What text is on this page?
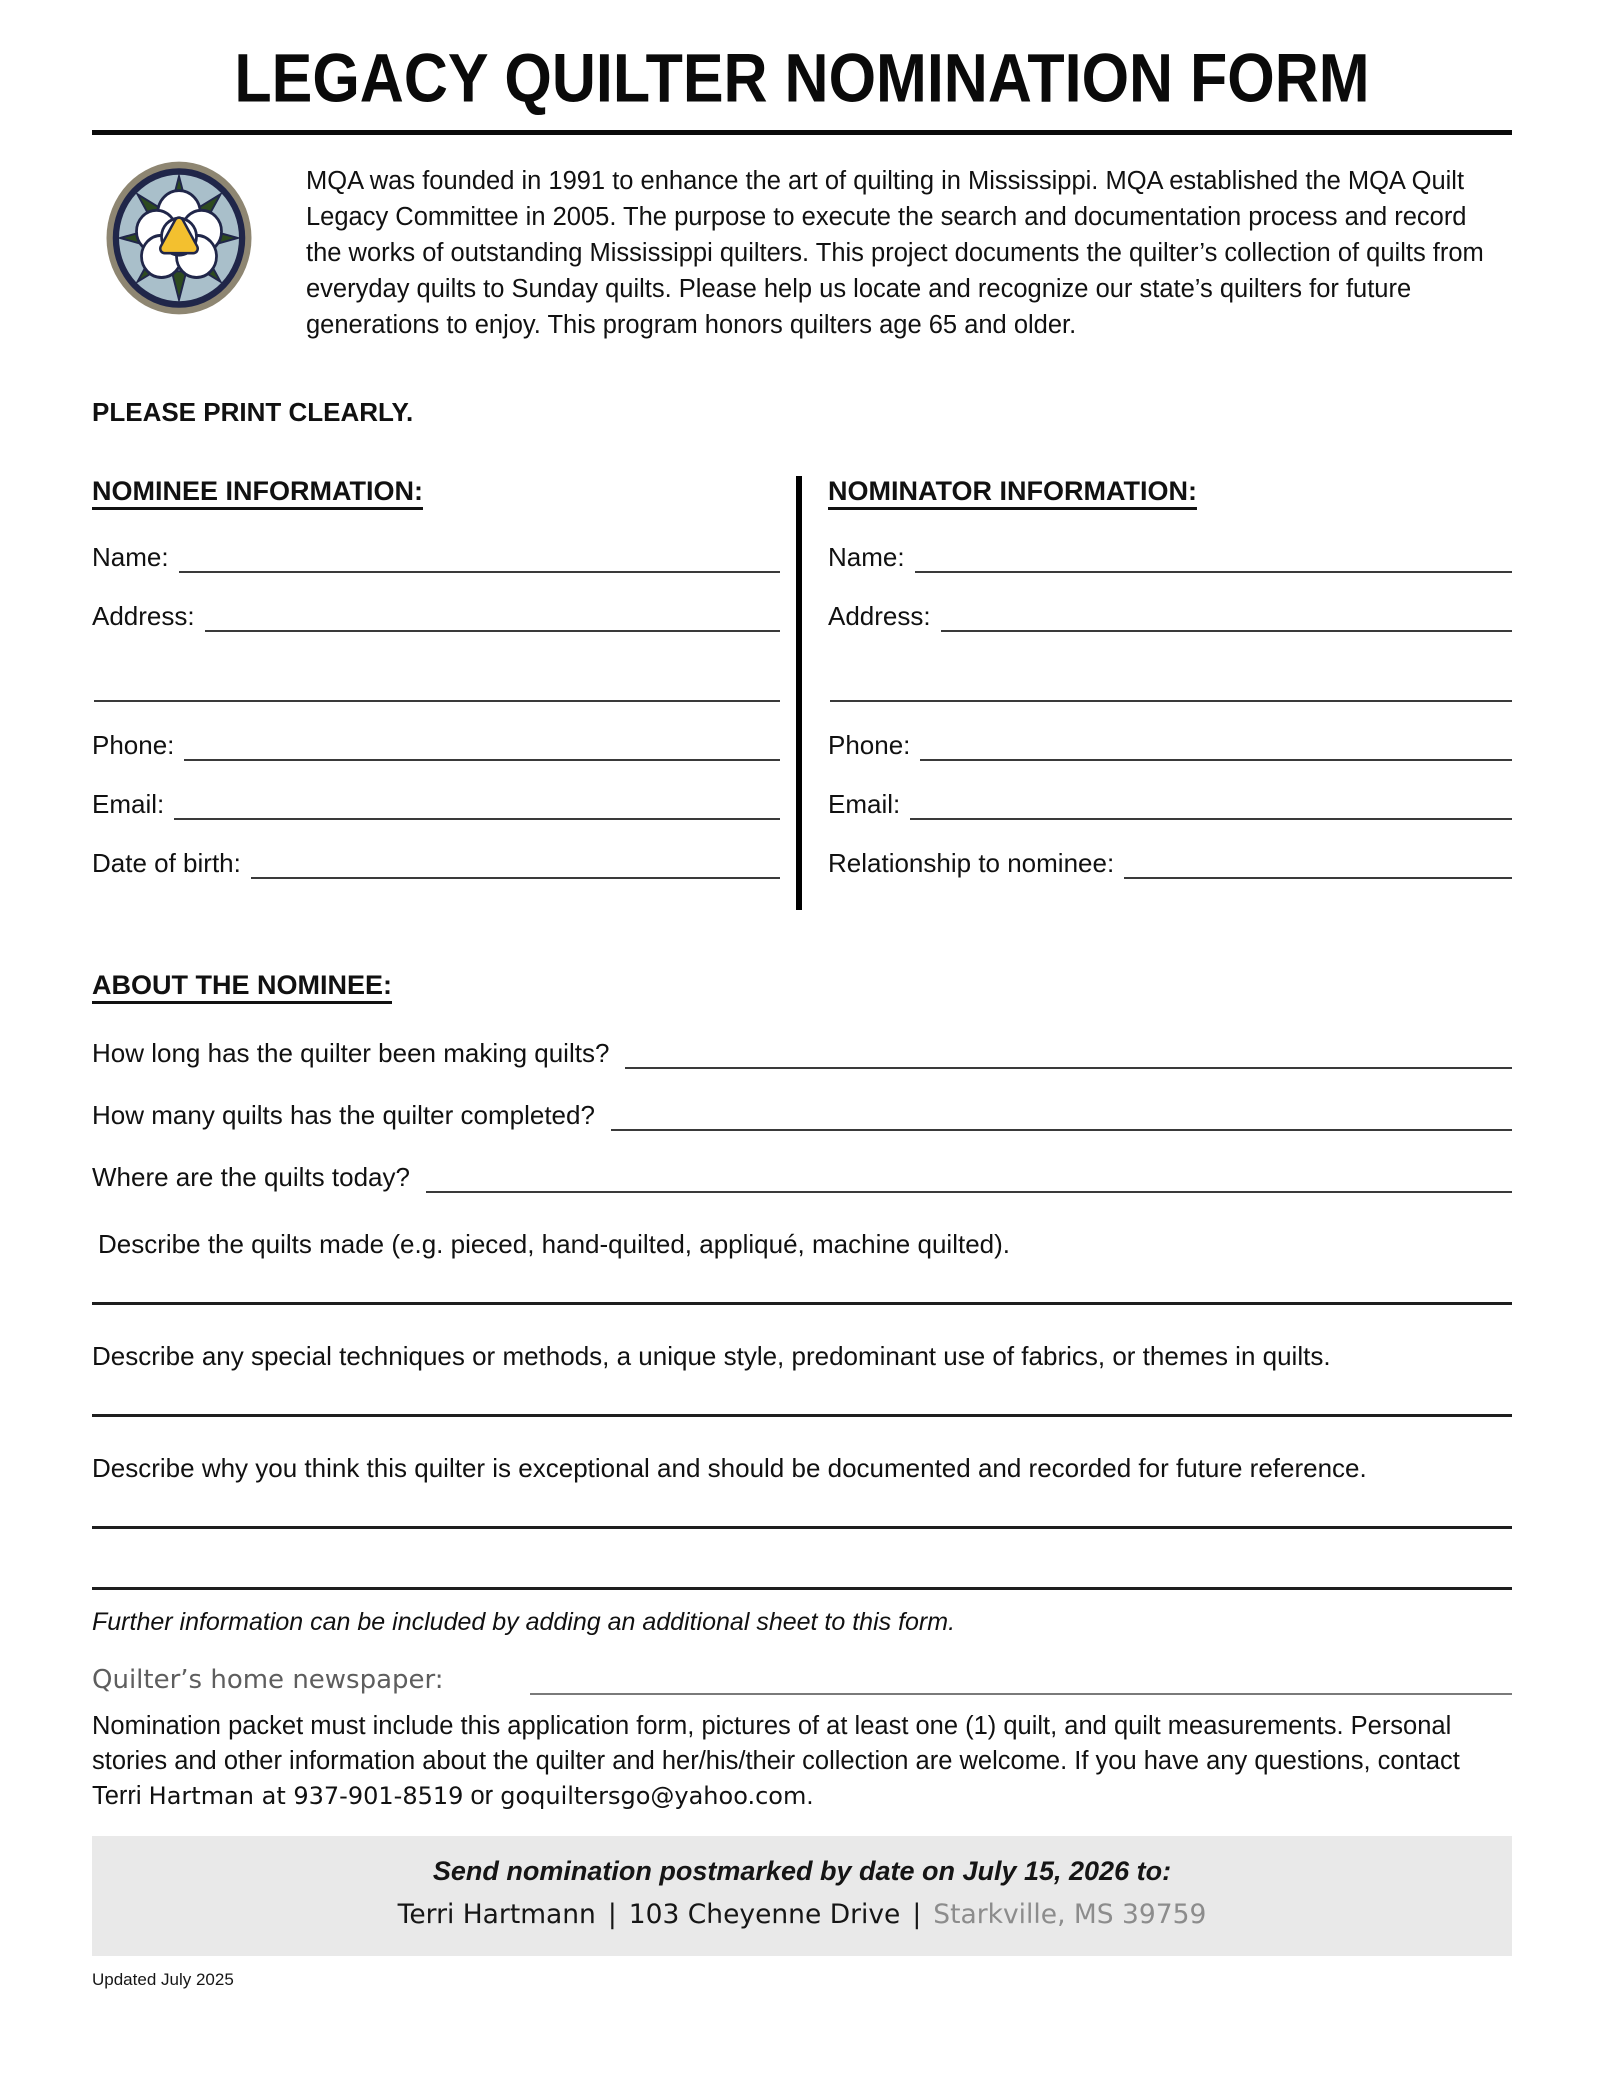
LEGACY QUILTER NOMINATION FORM

MQA was founded in 1991 to enhance the art of quilting in Mississippi. MQA established the MQA Quilt Legacy Committee in 2005. The purpose to execute the search and documentation process and record the works of outstanding Mississippi quilters. This project documents the quilter’s collection of quilts from everyday quilts to Sunday quilts. Please help us locate and recognize our state’s quilters for future generations to enjoy. This program honors quilters age 65 and older.

PLEASE PRINT CLEARLY.
NOMINEE INFORMATION:
Name:
Address:
Phone:
Email:
Date of birth:
NOMINATOR INFORMATION:
Name:
Address:
Phone:
Email:
Relationship to nominee:
ABOUT THE NOMINEE:
How long has the quilter been making quilts?
How many quilts has the quilter completed?
Where are the quilts today?

Describe the quilts made (e.g. pieced, hand-quilted, appliqué, machine quilted).

Describe any special techniques or methods, a unique style, predominant use of fabrics, or themes in quilts.

Describe why you think this quilter is exceptional and should be documented and recorded for future reference.

Further information can be included by adding an additional sheet to this form.
Quilter’s home newspaper:

Nomination packet must include this application form, pictures of at least one (1) quilt, and quilt measurements. Personal stories and other information about the quilter and her/his/their collection are welcome. If you have any questions, contact Terri Hartman at 937-901-8519 or goquiltersgo@yahoo.com.

Send nomination postmarked by date on July 15, 2026 to:
Terri Hartmann | 103 Cheyenne Drive | Starkville, MS 39759
Updated July 2025
